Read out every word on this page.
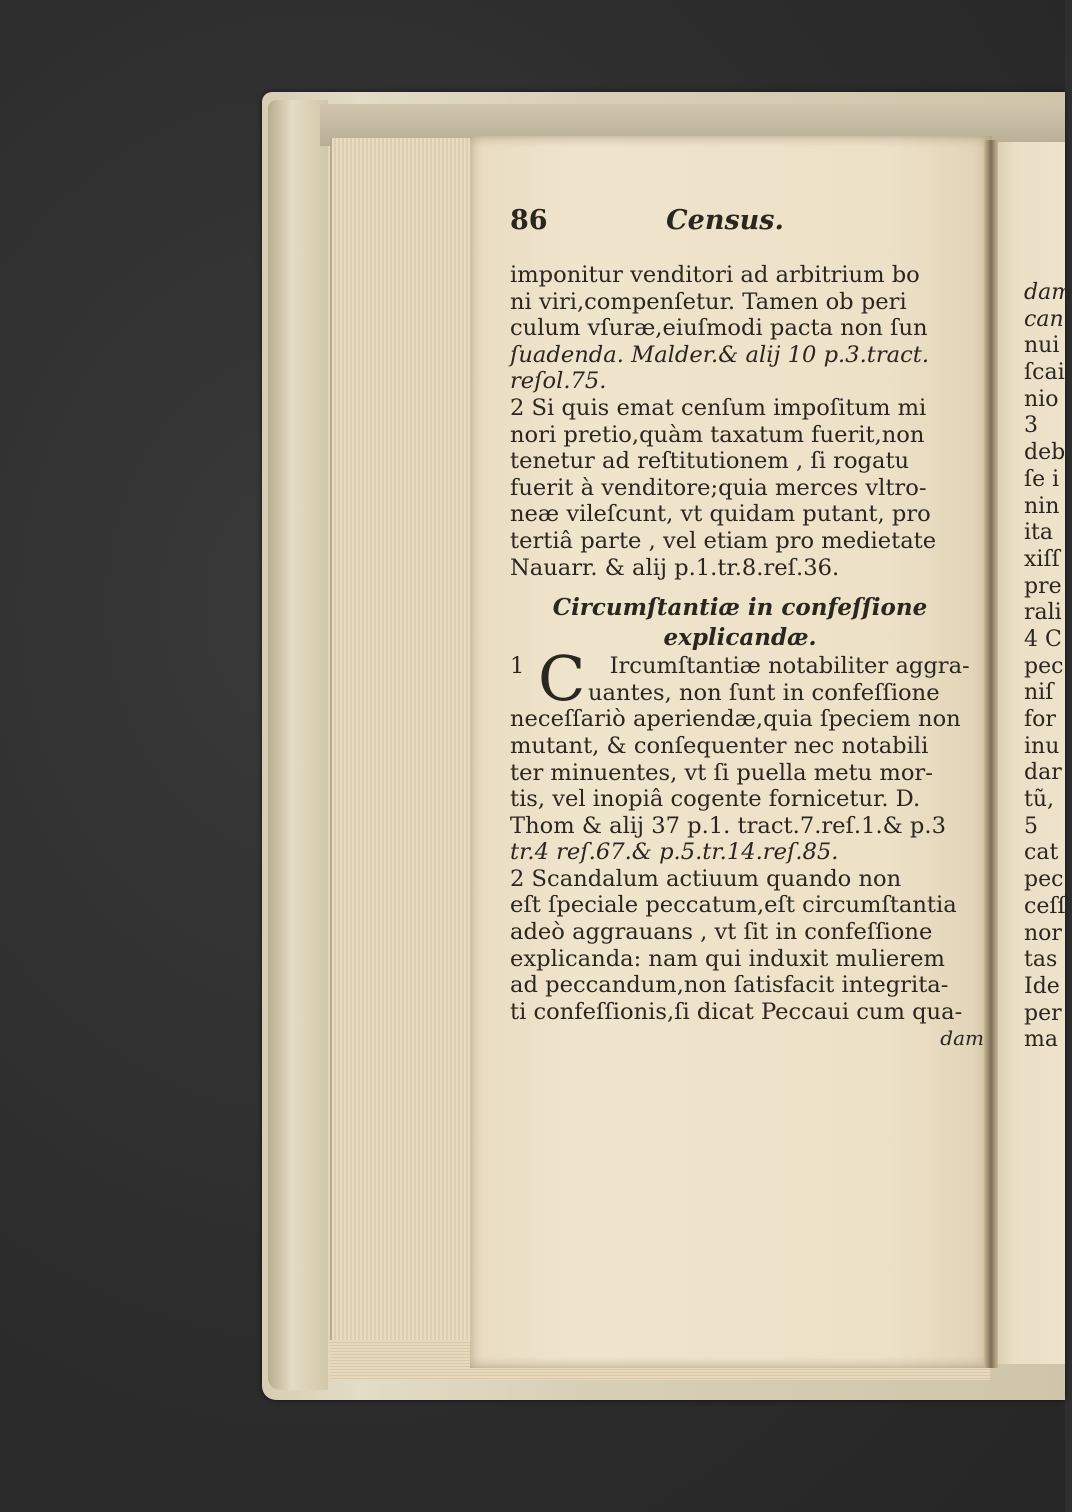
86	Census.
imponitur venditori ad arbitrium bo
ni viri,compenſetur. Tamen ob peri
culum vſuræ,eiuſmodi pacta non ſun
ſuadenda. Malder.& alij 10 p.3.tract.
reſol.75.
2 Si quis emat cenſum impoſitum mi
nori pretio,quàm taxatum fuerit,non
tenetur ad reſtitutionem , ſi rogatu
fuerit à venditore;quia merces vltro-
neæ vileſcunt, vt quidam putant, pro
tertiâ parte , vel etiam pro medietate
Nauarr. & alij p.1.tr.8.reſ.36.
Circumſtantiæ in confeſſione
explicandæ.
1 C Ircumſtantiæ notabiliter aggra-
uantes, non ſunt in confeſſione
neceſſariò aperiendæ,quia ſpeciem non
mutant, & conſequenter nec notabili
ter minuentes, vt ſi puella metu mor-
tis, vel inopiâ cogente fornicetur. D.
Thom & alij 37 p.1. tract.7.reſ.1.& p.3
tr.4 reſ.67.& p.5.tr.14.reſ.85.
2 Scandalum actiuum quando non
eſt ſpeciale peccatum,eſt circumſtantia
adeò aggrauans , vt ſit in confeſſione
explicanda: nam qui induxit mulierem
ad peccandum,non ſatisfacit integrita-
ti confeſſionis,ſi dicat Peccaui cum qua-
dam
dam
can
nui
ſcai
nio
3
deb
ſe i
nin
ita
xiſſ
pre
rali
4 C
pec
niſ
for
inu
dar
tũ,
5
cat
pec
ceſſ
nor
tas
Ide
per
ma
